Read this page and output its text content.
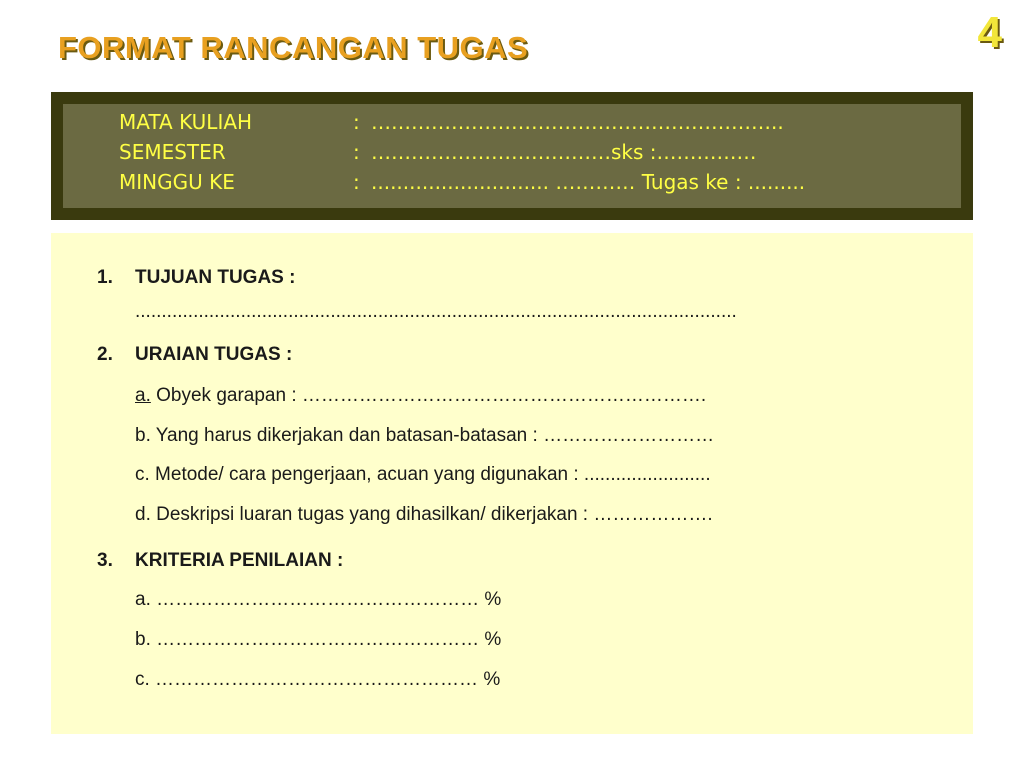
FORMAT RANCANGAN TUGAS	4
MATA KULIAH	: ……………………………………………………..
SEMESTER	: ………………………………sks :……………
MINGGU KE	: ............................ ………… Tugas ke : .........
1. TUJUAN TUGAS :
..................................................................................................................
2. URAIAN TUGAS :
a. Obyek garapan : ……………………………………………………….
b. Yang harus dikerjakan dan batasan-batasan : ………………………
c. Metode/ cara pengerjaan, acuan yang digunakan : ........................
d. Deskripsi luaran tugas yang dihasilkan/ dikerjakan : ……………….
3. KRITERIA PENILAIAN :
a. …………………………………………… %
b. …………………………………………… %
c. …………………………………………… %
